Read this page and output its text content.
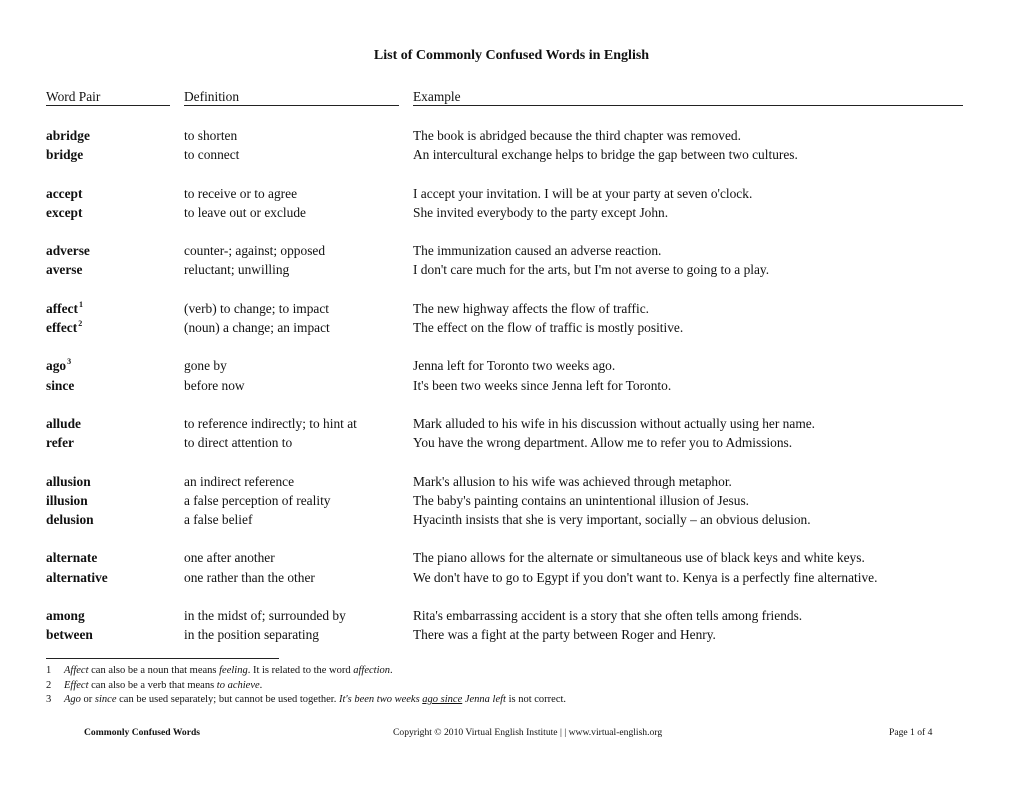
List of Commonly Confused Words in English
Word Pair	Definition	Example
abridge	to shorten	The book is abridged because the third chapter was removed.
bridge	to connect	An intercultural exchange helps to bridge the gap between two cultures.
accept	to receive or to agree	I accept your invitation. I will be at your party at seven o'clock.
except	to leave out or exclude	She invited everybody to the party except John.
adverse	counter-; against; opposed	The immunization caused an adverse reaction.
averse	reluctant; unwilling	I don't care much for the arts, but I'm not averse to going to a play.
affect$^1$	(verb) to change; to impact	The new highway affects the flow of traffic.
effect$^2$	(noun) a change; an impact	The effect on the flow of traffic is mostly positive.
ago$^3$	gone by	Jenna left for Toronto two weeks ago.
since	before now	It's been two weeks since Jenna left for Toronto.
allude	to reference indirectly; to hint at	Mark alluded to his wife in his discussion without actually using her name.
refer	to direct attention to	You have the wrong department. Allow me to refer you to Admissions.
allusion	an indirect reference	Mark's allusion to his wife was achieved through metaphor.
illusion	a false perception of reality	The baby's painting contains an unintentional illusion of Jesus.
delusion	a false belief	Hyacinth insists that she is very important, socially – an obvious delusion.
alternate	one after another	The piano allows for the alternate or simultaneous use of black keys and white keys.
alternative	one rather than the other	We don't have to go to Egypt if you don't want to. Kenya is a perfectly fine alternative.
among	in the midst of; surrounded by	Rita's embarrassing accident is a story that she often tells among friends.
between	in the position separating	There was a fight at the party between Roger and Henry.
1 Affect can also be a noun that means feeling. It is related to the word affection.
2 Effect can also be a verb that means to achieve.
3 Ago or since can be used separately; but cannot be used together. It's been two weeks ago since Jenna left is not correct.
Commonly Confused Words	Copyright © 2010 Virtual English Institute | | www.virtual-english.org	Page 1 of 4
